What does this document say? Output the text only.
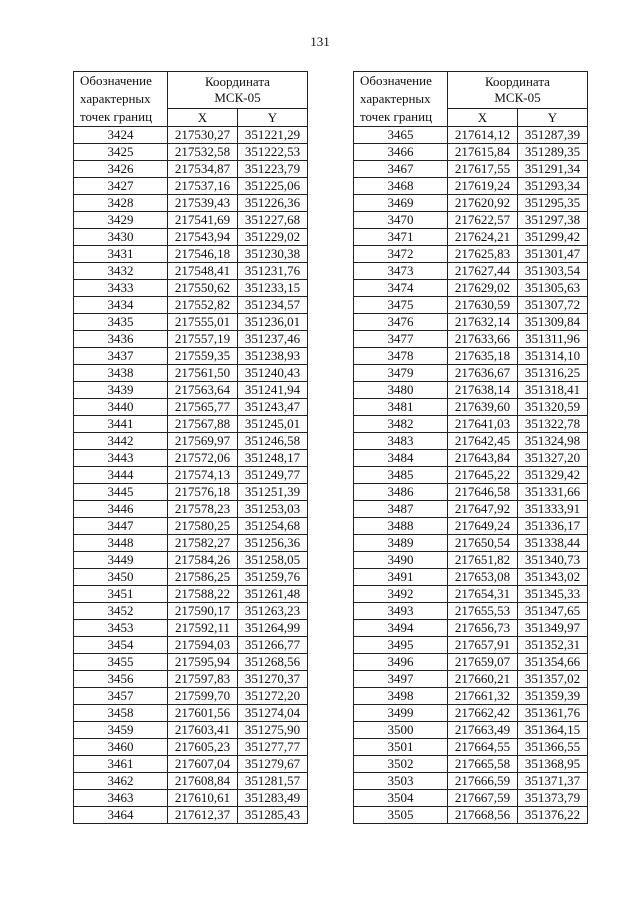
131
Обозначение
характерных
точек границ	Координата
МСК-05	
	X	Y
3424	217530,27	351221,29
3425	217532,58	351222,53
3426	217534,87	351223,79
3427	217537,16	351225,06
3428	217539,43	351226,36
3429	217541,69	351227,68
3430	217543,94	351229,02
3431	217546,18	351230,38
3432	217548,41	351231,76
3433	217550,62	351233,15
3434	217552,82	351234,57
3435	217555,01	351236,01
3436	217557,19	351237,46
3437	217559,35	351238,93
3438	217561,50	351240,43
3439	217563,64	351241,94
3440	217565,77	351243,47
3441	217567,88	351245,01
3442	217569,97	351246,58
3443	217572,06	351248,17
3444	217574,13	351249,77
3445	217576,18	351251,39
3446	217578,23	351253,03
3447	217580,25	351254,68
3448	217582,27	351256,36
3449	217584,26	351258,05
3450	217586,25	351259,76
3451	217588,22	351261,48
3452	217590,17	351263,23
3453	217592,11	351264,99
3454	217594,03	351266,77
3455	217595,94	351268,56
3456	217597,83	351270,37
3457	217599,70	351272,20
3458	217601,56	351274,04
3459	217603,41	351275,90
3460	217605,23	351277,77
3461	217607,04	351279,67
3462	217608,84	351281,57
3463	217610,61	351283,49
3464	217612,37	351285,43
Обозначение
характерных
точек границ	Координата
МСК-05	
	X	Y
3465	217614,12	351287,39
3466	217615,84	351289,35
3467	217617,55	351291,34
3468	217619,24	351293,34
3469	217620,92	351295,35
3470	217622,57	351297,38
3471	217624,21	351299,42
3472	217625,83	351301,47
3473	217627,44	351303,54
3474	217629,02	351305,63
3475	217630,59	351307,72
3476	217632,14	351309,84
3477	217633,66	351311,96
3478	217635,18	351314,10
3479	217636,67	351316,25
3480	217638,14	351318,41
3481	217639,60	351320,59
3482	217641,03	351322,78
3483	217642,45	351324,98
3484	217643,84	351327,20
3485	217645,22	351329,42
3486	217646,58	351331,66
3487	217647,92	351333,91
3488	217649,24	351336,17
3489	217650,54	351338,44
3490	217651,82	351340,73
3491	217653,08	351343,02
3492	217654,31	351345,33
3493	217655,53	351347,65
3494	217656,73	351349,97
3495	217657,91	351352,31
3496	217659,07	351354,66
3497	217660,21	351357,02
3498	217661,32	351359,39
3499	217662,42	351361,76
3500	217663,49	351364,15
3501	217664,55	351366,55
3502	217665,58	351368,95
3503	217666,59	351371,37
3504	217667,59	351373,79
3505	217668,56	351376,22
